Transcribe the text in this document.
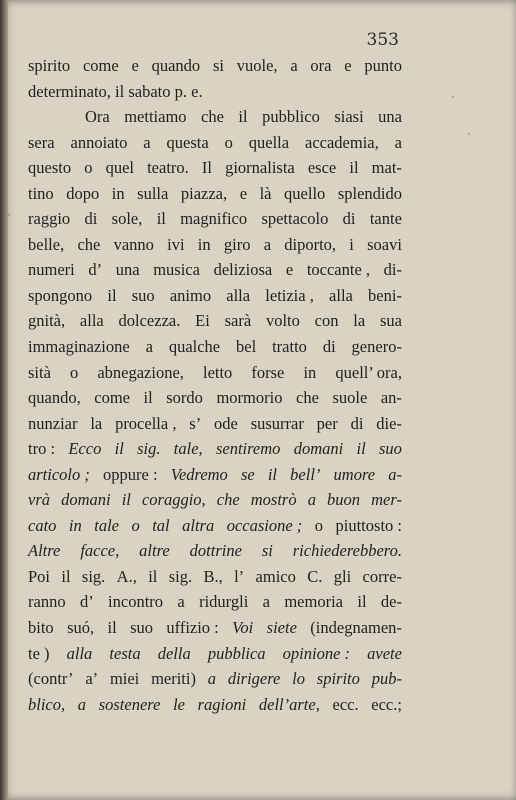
353
spirito come e quando si vuole, a ora e punto
determinato, il sabato p. e.
Ora mettiamo che il pubblico siasi una
sera annoiato a questa o quella accademia, a
questo o quel teatro. Il giornalista esce il mat-
tino dopo in sulla piazza, e là quello splendido
raggio di sole, il magnifico spettacolo di tante
belle, che vanno ivi in giro a diporto, i soavi
numeri d’ una musica deliziosa e toccante , di-
spongono il suo animo alla letizia , alla beni-
gnità, alla dolcezza. Ei sarà volto con la sua
immaginazione a qualche bel tratto di genero-
sità o abnegazione, letto forse in quell’ ora,
quando, come il sordo mormorio che suole an-
nunziar la procella , s’ ode susurrar per di die-
tro : Ecco il sig. tale, sentiremo domani il suo
articolo ; oppure : Vedremo se il bell’ umore a-
vrà domani il coraggio, che mostrò a buon mer-
cato in tale o tal altra occasione ; o piuttosto :
Altre facce, altre dottrine si richiederebbero.
Poi il sig. A., il sig. B., l’ amico C. gli corre-
ranno d’ incontro a ridurgli a memoria il de-
bito suó, il suo uffizio : Voi siete (indegnamen-
te ) alla testa della pubblica opinione : avete
(contr’ a’ miei meriti) a dirigere lo spirito pub-
blico, a sostenere le ragioni dell’arte, ecc. ecc.;
